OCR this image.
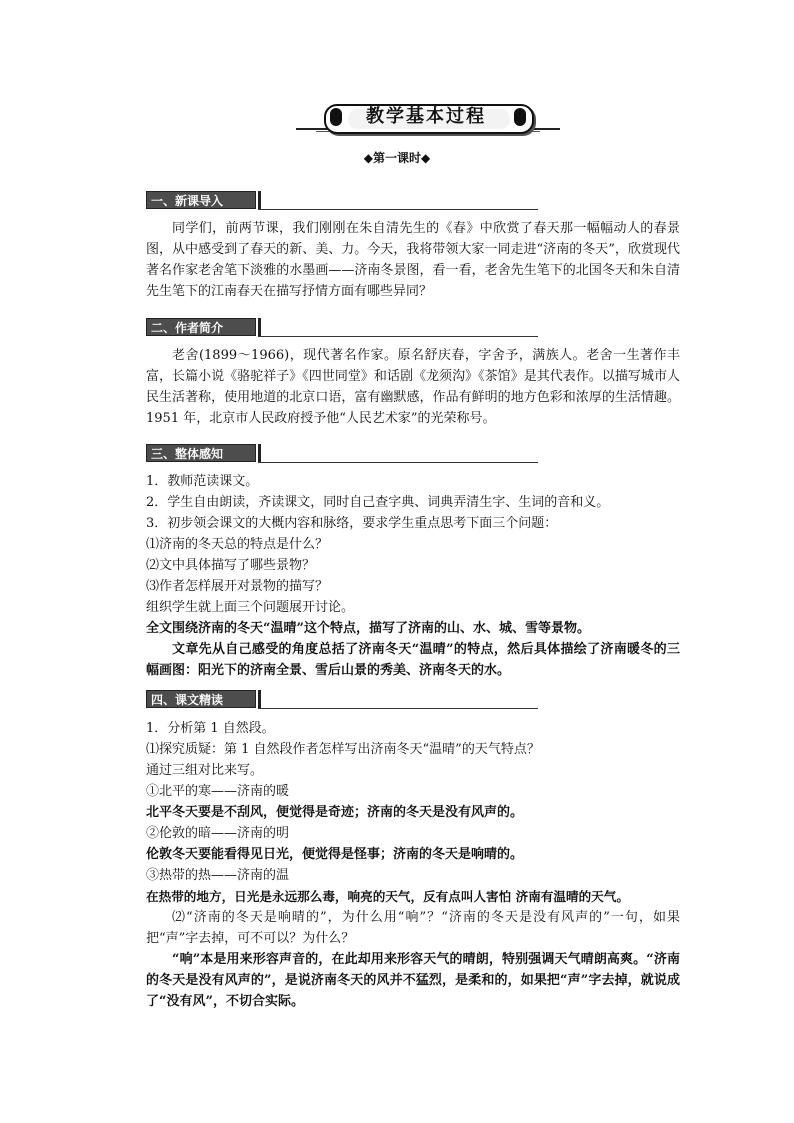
教学基本过程
◆第一课时◆
一、新课导入

同学们，前两节课，我们刚刚在朱自清先生的《春》中欣赏了春天那一幅幅动人的春景图，从中感受到了春天的新、美、力。今天，我将带领大家一同走进“济南的冬天”，欣赏现代著名作家老舍笔下淡雅的水墨画——济南冬景图，看一看，老舍先生笔下的北国冬天和朱自清先生笔下的江南春天在描写抒情方面有哪些异同？

二、作者简介

老舍(1899～1966)，现代著名作家。原名舒庆春，字舍予，满族人。老舍一生著作丰富，长篇小说《骆驼祥子》《四世同堂》和话剧《龙须沟》《茶馆》是其代表作。以描写城市人民生活著称，使用地道的北京口语，富有幽默感，作品有鲜明的地方色彩和浓厚的生活情趣。1951 年，北京市人民政府授予他“人民艺术家”的光荣称号。

三、整体感知
1．教师范读课文。
2．学生自由朗读，齐读课文，同时自己查字典、词典弄清生字、生词的音和义。
3．初步领会课文的大概内容和脉络，要求学生重点思考下面三个问题：
⑴济南的冬天总的特点是什么？
⑵文中具体描写了哪些景物？
⑶作者怎样展开对景物的描写？
组织学生就上面三个问题展开讨论。
全文围绕济南的冬天“温晴”这个特点，描写了济南的山、水、城、雪等景物。

文章先从自己感受的角度总括了济南冬天“温晴”的特点，然后具体描绘了济南暖冬的三幅画图：阳光下的济南全景、雪后山景的秀美、济南冬天的水。

四、课文精读
1．分析第 1 自然段。
⑴探究质疑：第 1 自然段作者怎样写出济南冬天“温晴”的天气特点？
通过三组对比来写。
①北平的寒——济南的暖
北平冬天要是不刮风，便觉得是奇迹；济南的冬天是没有风声的。
②伦敦的暗——济南的明
伦敦冬天要能看得见日光，便觉得是怪事；济南的冬天是响晴的。
③热带的热——济南的温
在热带的地方，日光是永远那么毒，响亮的天气，反有点叫人害怕 济南有温晴的天气。

⑵“济南的冬天是响晴的”，为什么用“响”？“济南的冬天是没有风声的”一句，如果把“声”字去掉，可不可以？为什么？

“响”本是用来形容声音的，在此却用来形容天气的晴朗，特别强调天气晴朗高爽。“济南的冬天是没有风声的”，是说济南冬天的风并不猛烈，是柔和的，如果把“声”字去掉，就说成了“没有风”，不切合实际。
